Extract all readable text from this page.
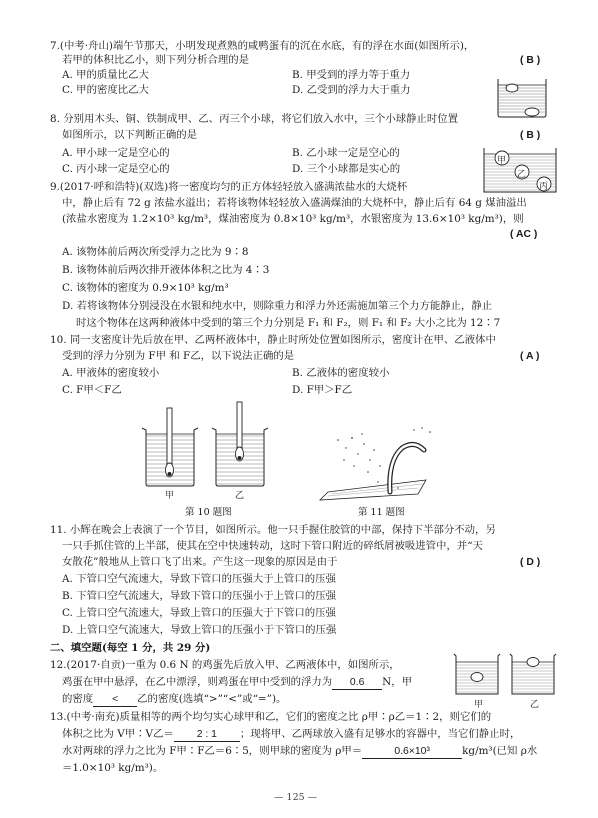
7.(中考·舟山)端午节那天，小明发现煮熟的咸鸭蛋有的沉在水底，有的浮在水面(如图所示)，
若甲的体积比乙小，则下列分析合理的是	( B )
A. 甲的质量比乙大	B. 甲受到的浮力等于重力
C. 甲的密度比乙大	D. 乙受到的浮力大于重力
8. 分别用木头、铜、铁制成甲、乙、丙三个小球，将它们放入水中，三个小球静止时位置
如图所示，以下判断正确的是	( B )
A. 甲小球一定是空心的	B. 乙小球一定是空心的
C. 丙小球一定是空心的	D. 三个小球都是实心的
甲
乙
丙
9.(2017·呼和浩特)(双选)将一密度均匀的正方体轻轻放入盛满浓盐水的大烧杯
中，静止后有 72 g 浓盐水溢出；若将该物体轻轻放入盛满煤油的大烧杯中，静止后有 64 g 煤油溢出
(浓盐水密度为 1.2×10³ kg/m³，煤油密度为 0.8×10³ kg/m³，水银密度为 13.6×10³ kg/m³)，则
( AC )
A. 该物体前后两次所受浮力之比为 9∶8
B. 该物体前后两次排开液体体积之比为 4∶3
C. 该物体的密度为 0.9×10³ kg/m³
D. 若将该物体分别浸没在水银和纯水中，则除重力和浮力外还需施加第三个力方能静止，静止
时这个物体在这两种液体中受到的第三个力分别是 F₁ 和 F₂，则 F₁ 和 F₂ 大小之比为 12∶7
10. 同一支密度计先后放在甲、乙两杯液体中，静止时所处位置如图所示，密度计在甲、乙液体中
受到的浮力分别为 F甲 和 F乙，以下说法正确的是	( A )
A. 甲液体的密度较小	B. 乙液体的密度较小
C. F甲＜F乙	D. F甲＞F乙
甲	乙
第 10 题图	第 11 题图
11. 小辉在晚会上表演了一个节目，如图所示。他一只手握住胶管的中部，保持下半部分不动，另
一只手抓住管的上半部，使其在空中快速转动，这时下管口附近的碎纸屑被吸进管中，并“天
女散花”般地从上管口飞了出来。产生这一现象的原因是由于	( D )
A. 下管口空气流速大，导致下管口的压强大于上管口的压强
B. 下管口空气流速大，导致下管口的压强小于上管口的压强
C. 上管口空气流速大，导致上管口的压强大于下管口的压强
D. 上管口空气流速大，导致上管口的压强小于下管口的压强
二、填空题(每空 1 分，共 29 分)
12.(2017·自贡)一重为 0.6 N 的鸡蛋先后放入甲、乙两液体中，如图所示，
鸡蛋在甲中悬浮，在乙中漂浮，则鸡蛋在甲中受到的浮力为 0.6 N，甲
的密度 < 乙的密度(选填“>”“<”或“=”)。	甲	乙
13.(中考·南充)质量相等的两个均匀实心球甲和乙，它们的密度之比 ρ甲∶ρ乙＝1∶2，则它们的
体积之比为 V甲∶V乙＝ 2 : 1 ；现将甲、乙两球放入盛有足够水的容器中，当它们静止时，
水对两球的浮力之比为 F甲∶F乙＝6∶5，则甲球的密度为 ρ甲＝	0.6×10³	kg/m³(已知 ρ水
＝1.0×10³ kg/m³)。
— 125 —
